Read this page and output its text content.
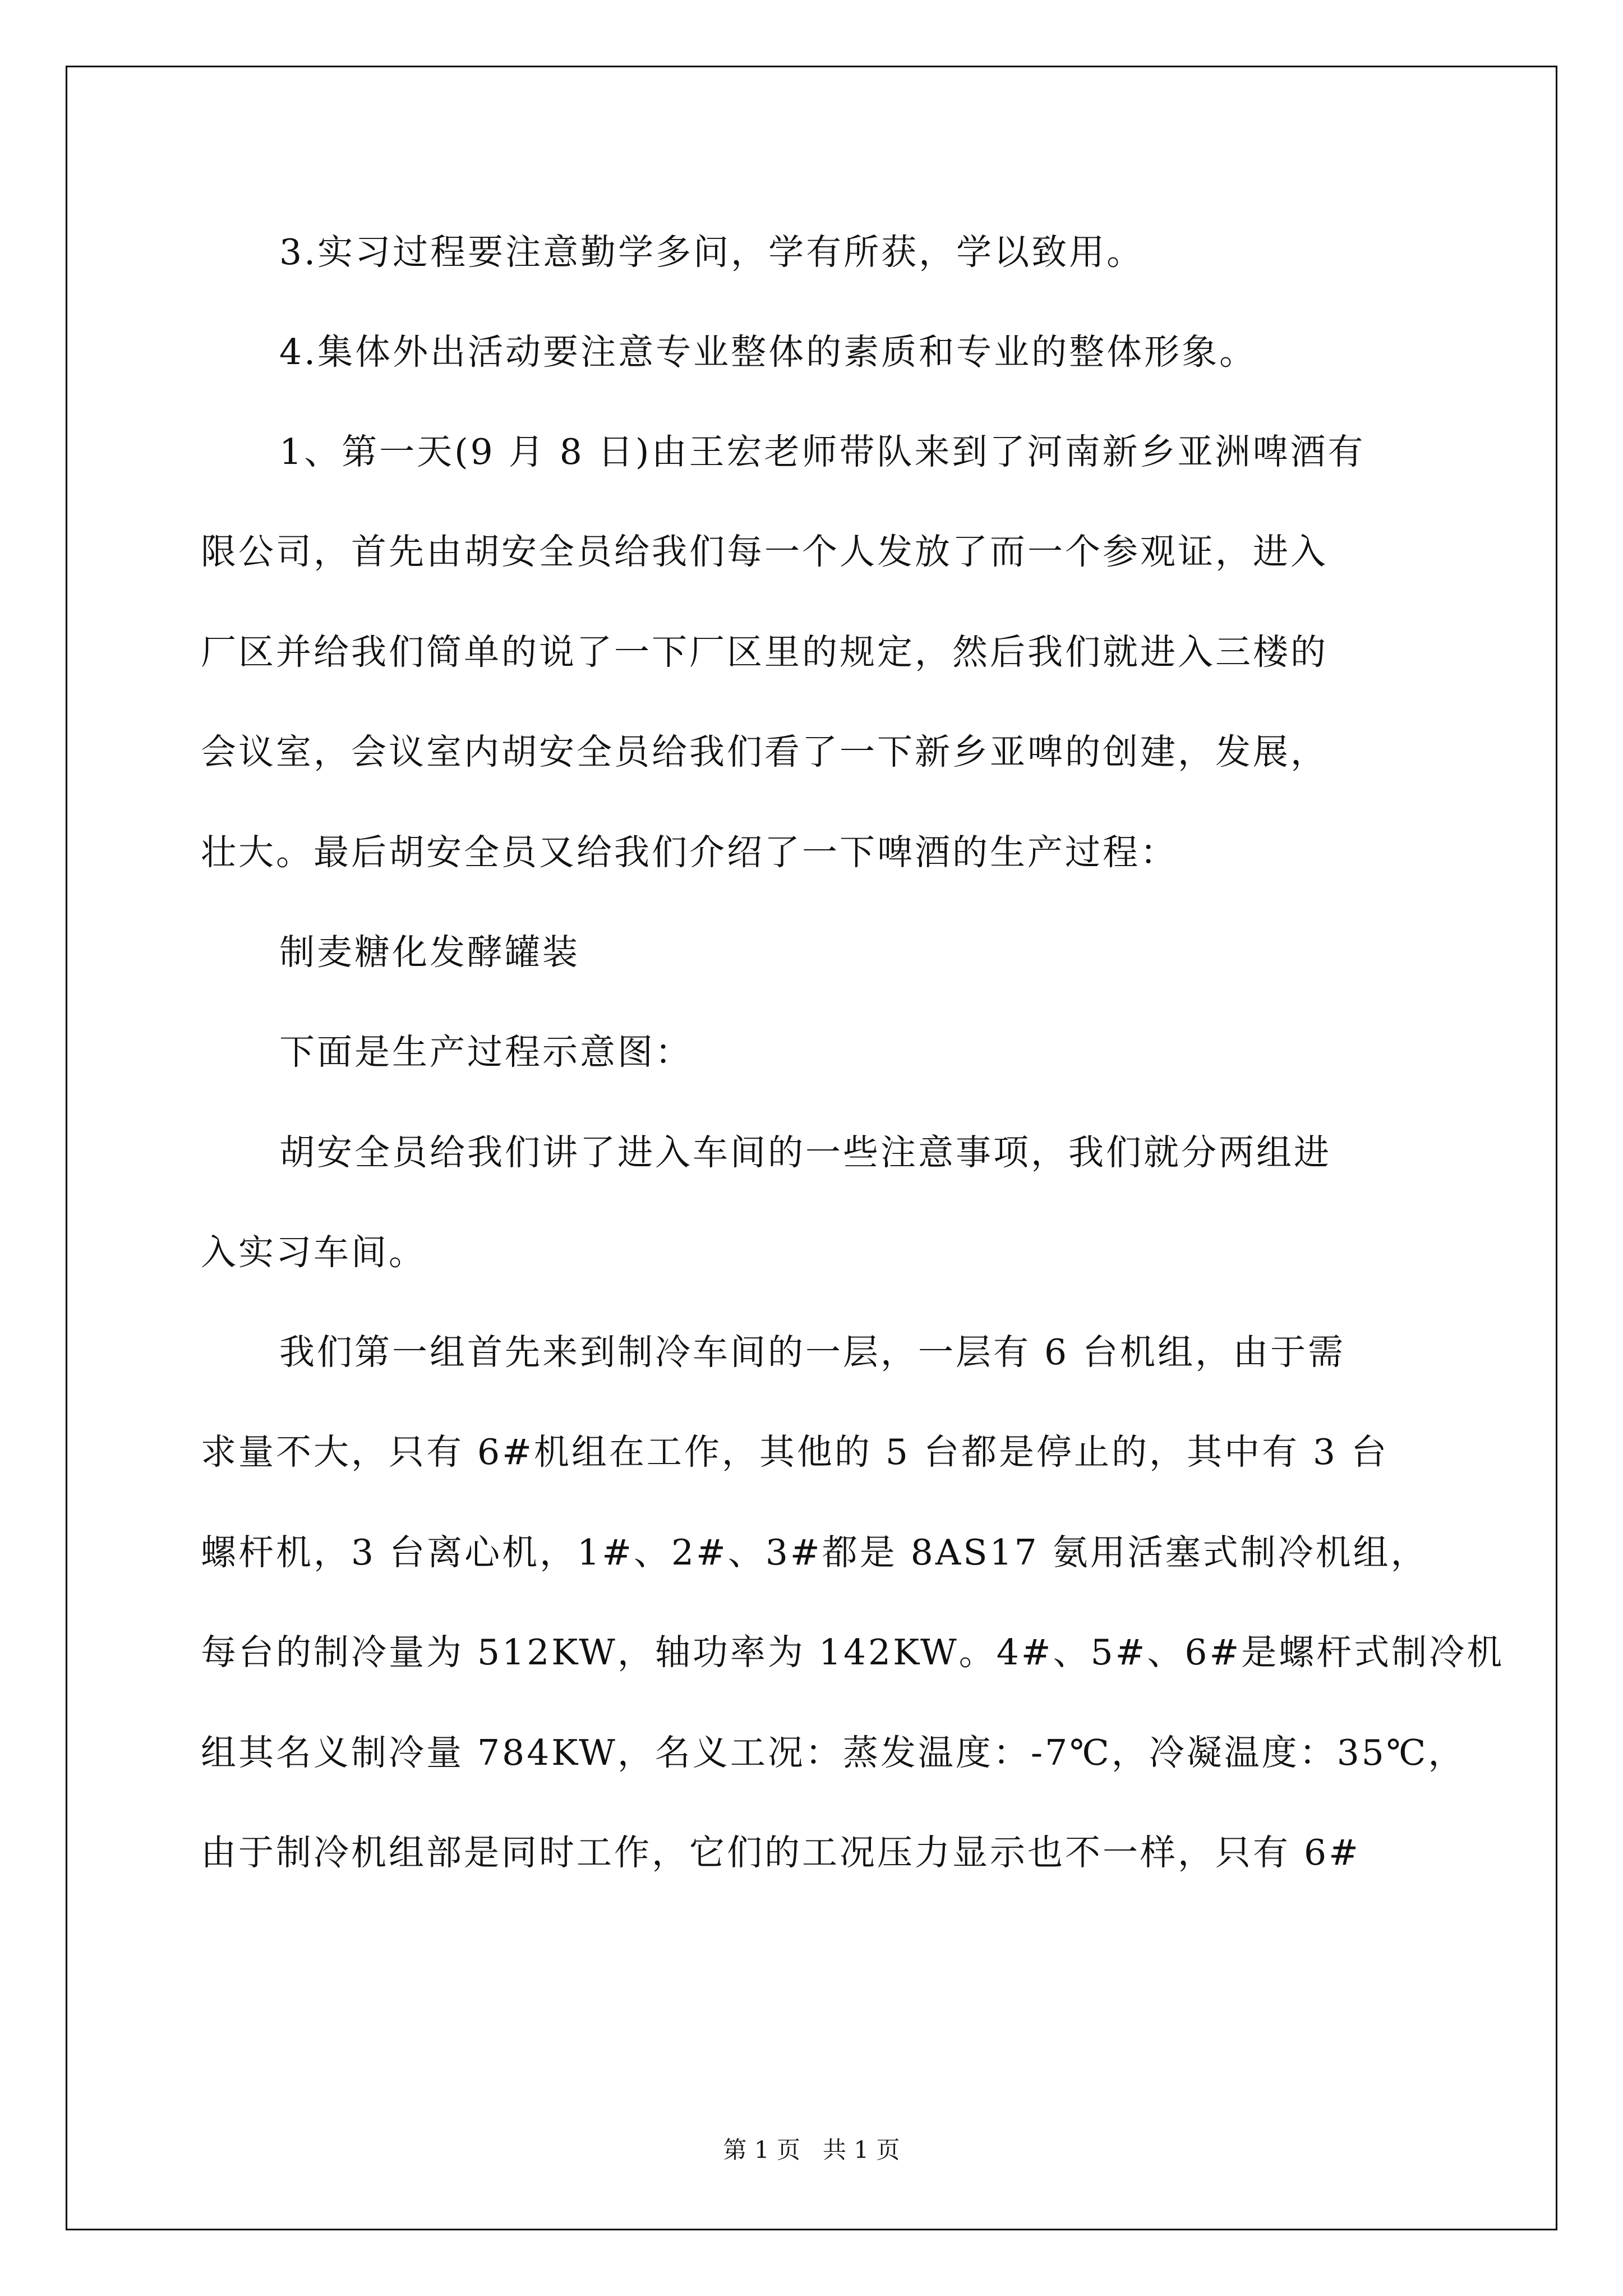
3.实习过程要注意勤学多问，学有所获，学以致用。
4.集体外出活动要注意专业整体的素质和专业的整体形象。
1、第一天(9 月 8 日)由王宏老师带队来到了河南新乡亚洲啤酒有
限公司，首先由胡安全员给我们每一个人发放了而一个参观证，进入
厂区并给我们简单的说了一下厂区里的规定，然后我们就进入三楼的
会议室，会议室内胡安全员给我们看了一下新乡亚啤的创建，发展，
壮大。最后胡安全员又给我们介绍了一下啤酒的生产过程：
制麦糖化发酵罐装
下面是生产过程示意图：
胡安全员给我们讲了进入车间的一些注意事项，我们就分两组进
入实习车间。
我们第一组首先来到制冷车间的一层，一层有 6 台机组，由于需
求量不大，只有 6#机组在工作，其他的 5 台都是停止的，其中有 3 台
螺杆机，3 台离心机，1#、2#、3#都是 8AS17 氨用活塞式制冷机组，
每台的制冷量为 512KW，轴功率为 142KW。4#、5#、6#是螺杆式制冷机
组其名义制冷量 784KW，名义工况：蒸发温度：-7℃，冷凝温度：35℃，
由于制冷机组部是同时工作，它们的工况压力显示也不一样，只有 6#
第 1 页   共 1 页
